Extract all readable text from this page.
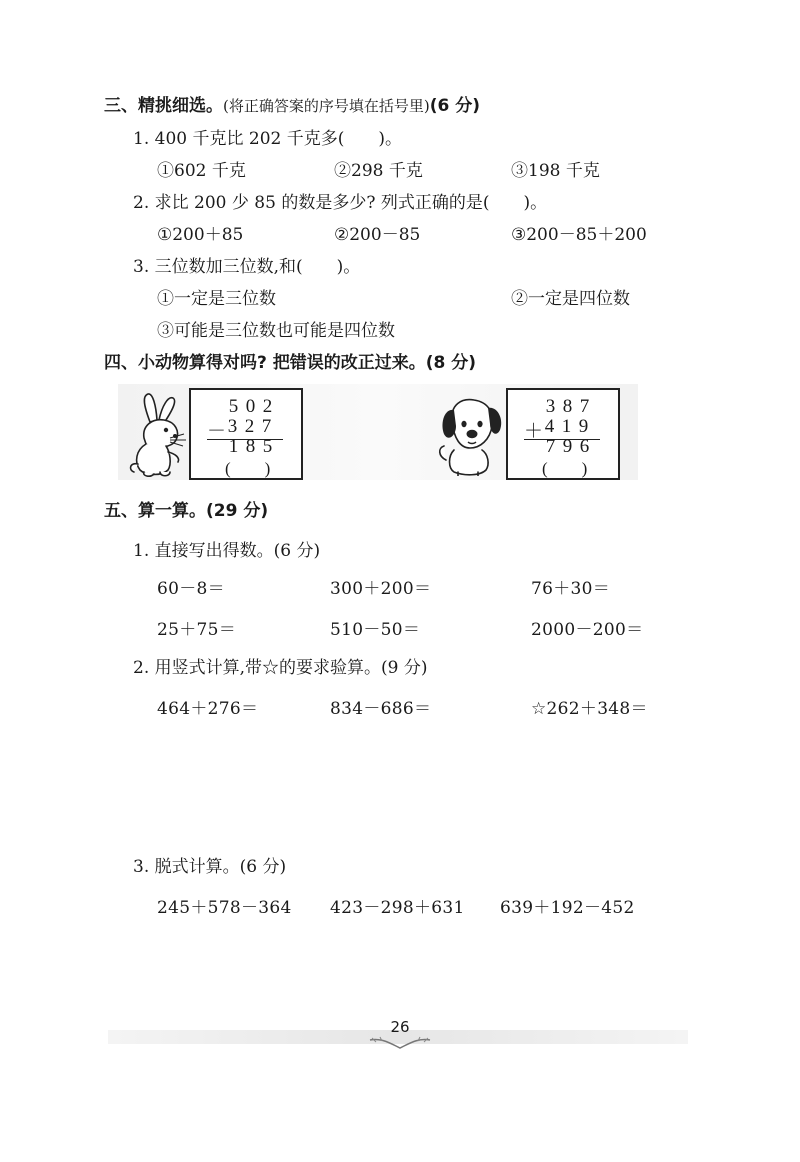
三、精挑细选。(将正确答案的序号填在括号里)(6 分)
1. 400 千克比 202 千克多(　　)。
①602 千克	②298 千克	③198 千克
2. 求比 200 少 85 的数是多少? 列式正确的是(　　)。
①200＋85	②200－85	③200－85＋200
3. 三位数加三位数,和(　　)。
①一定是三位数	②一定是四位数
③可能是三位数也可能是四位数
四、小动物算得对吗? 把错误的改正过来。(8 分)
5 0 2
－ 3 2 7
1 8 5
(　　)
3 8 7
＋ 4 1 9
7 9 6
(　　)
五、算一算。(29 分)
1. 直接写出得数。(6 分)
60－8＝	300＋200＝	76＋30＝
25＋75＝	510－50＝	2000－200＝
2. 用竖式计算,带☆的要求验算。(9 分)
464＋276＝	834－686＝	☆262＋348＝
3. 脱式计算。(6 分)
245＋578－364 423－298＋631 639＋192－452
26
